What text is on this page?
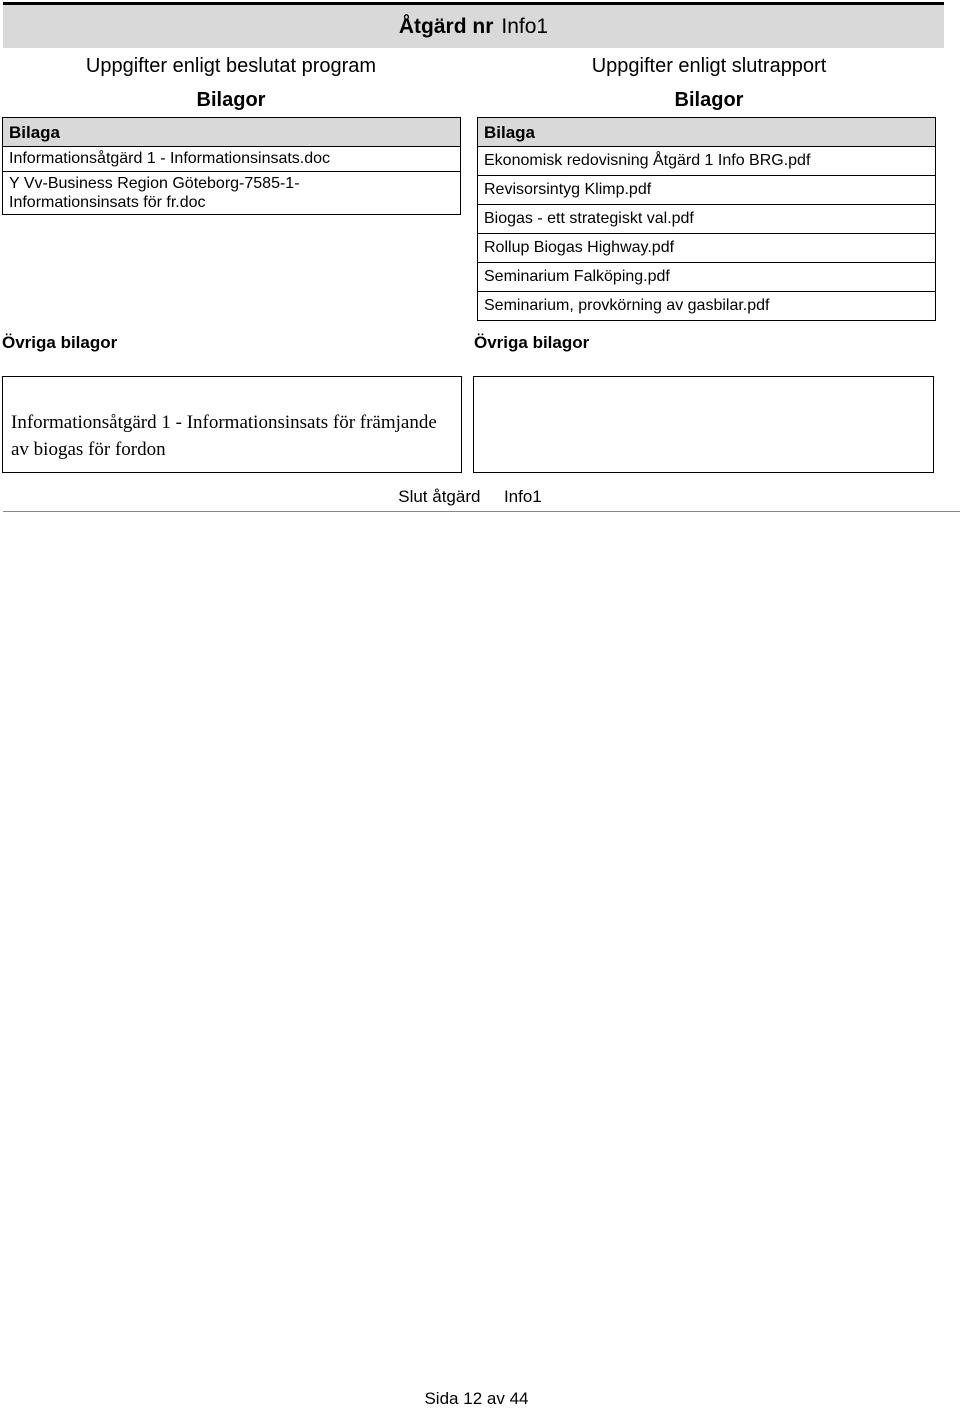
Åtgärd nr Info1
Uppgifter enligt beslutat program
Bilagor
Uppgifter enligt slutrapport
Bilagor
Bilaga
Informationsåtgärd 1 - Informationsinsats.doc
Y Vv-Business Region Göteborg-7585-1-
Informationsinsats för fr.doc
Bilaga
Ekonomisk redovisning Åtgärd 1 Info BRG.pdf
Revisorsintyg Klimp.pdf
Biogas - ett strategiskt val.pdf
Rollup Biogas Highway.pdf
Seminarium Falköping.pdf
Seminarium, provkörning av gasbilar.pdf
Övriga bilagor	Övriga bilagor
Informationsåtgärd 1 - Informationsinsats för främjande av biogas för fordon
Slut åtgärd Info1
Sida 12 av 44
